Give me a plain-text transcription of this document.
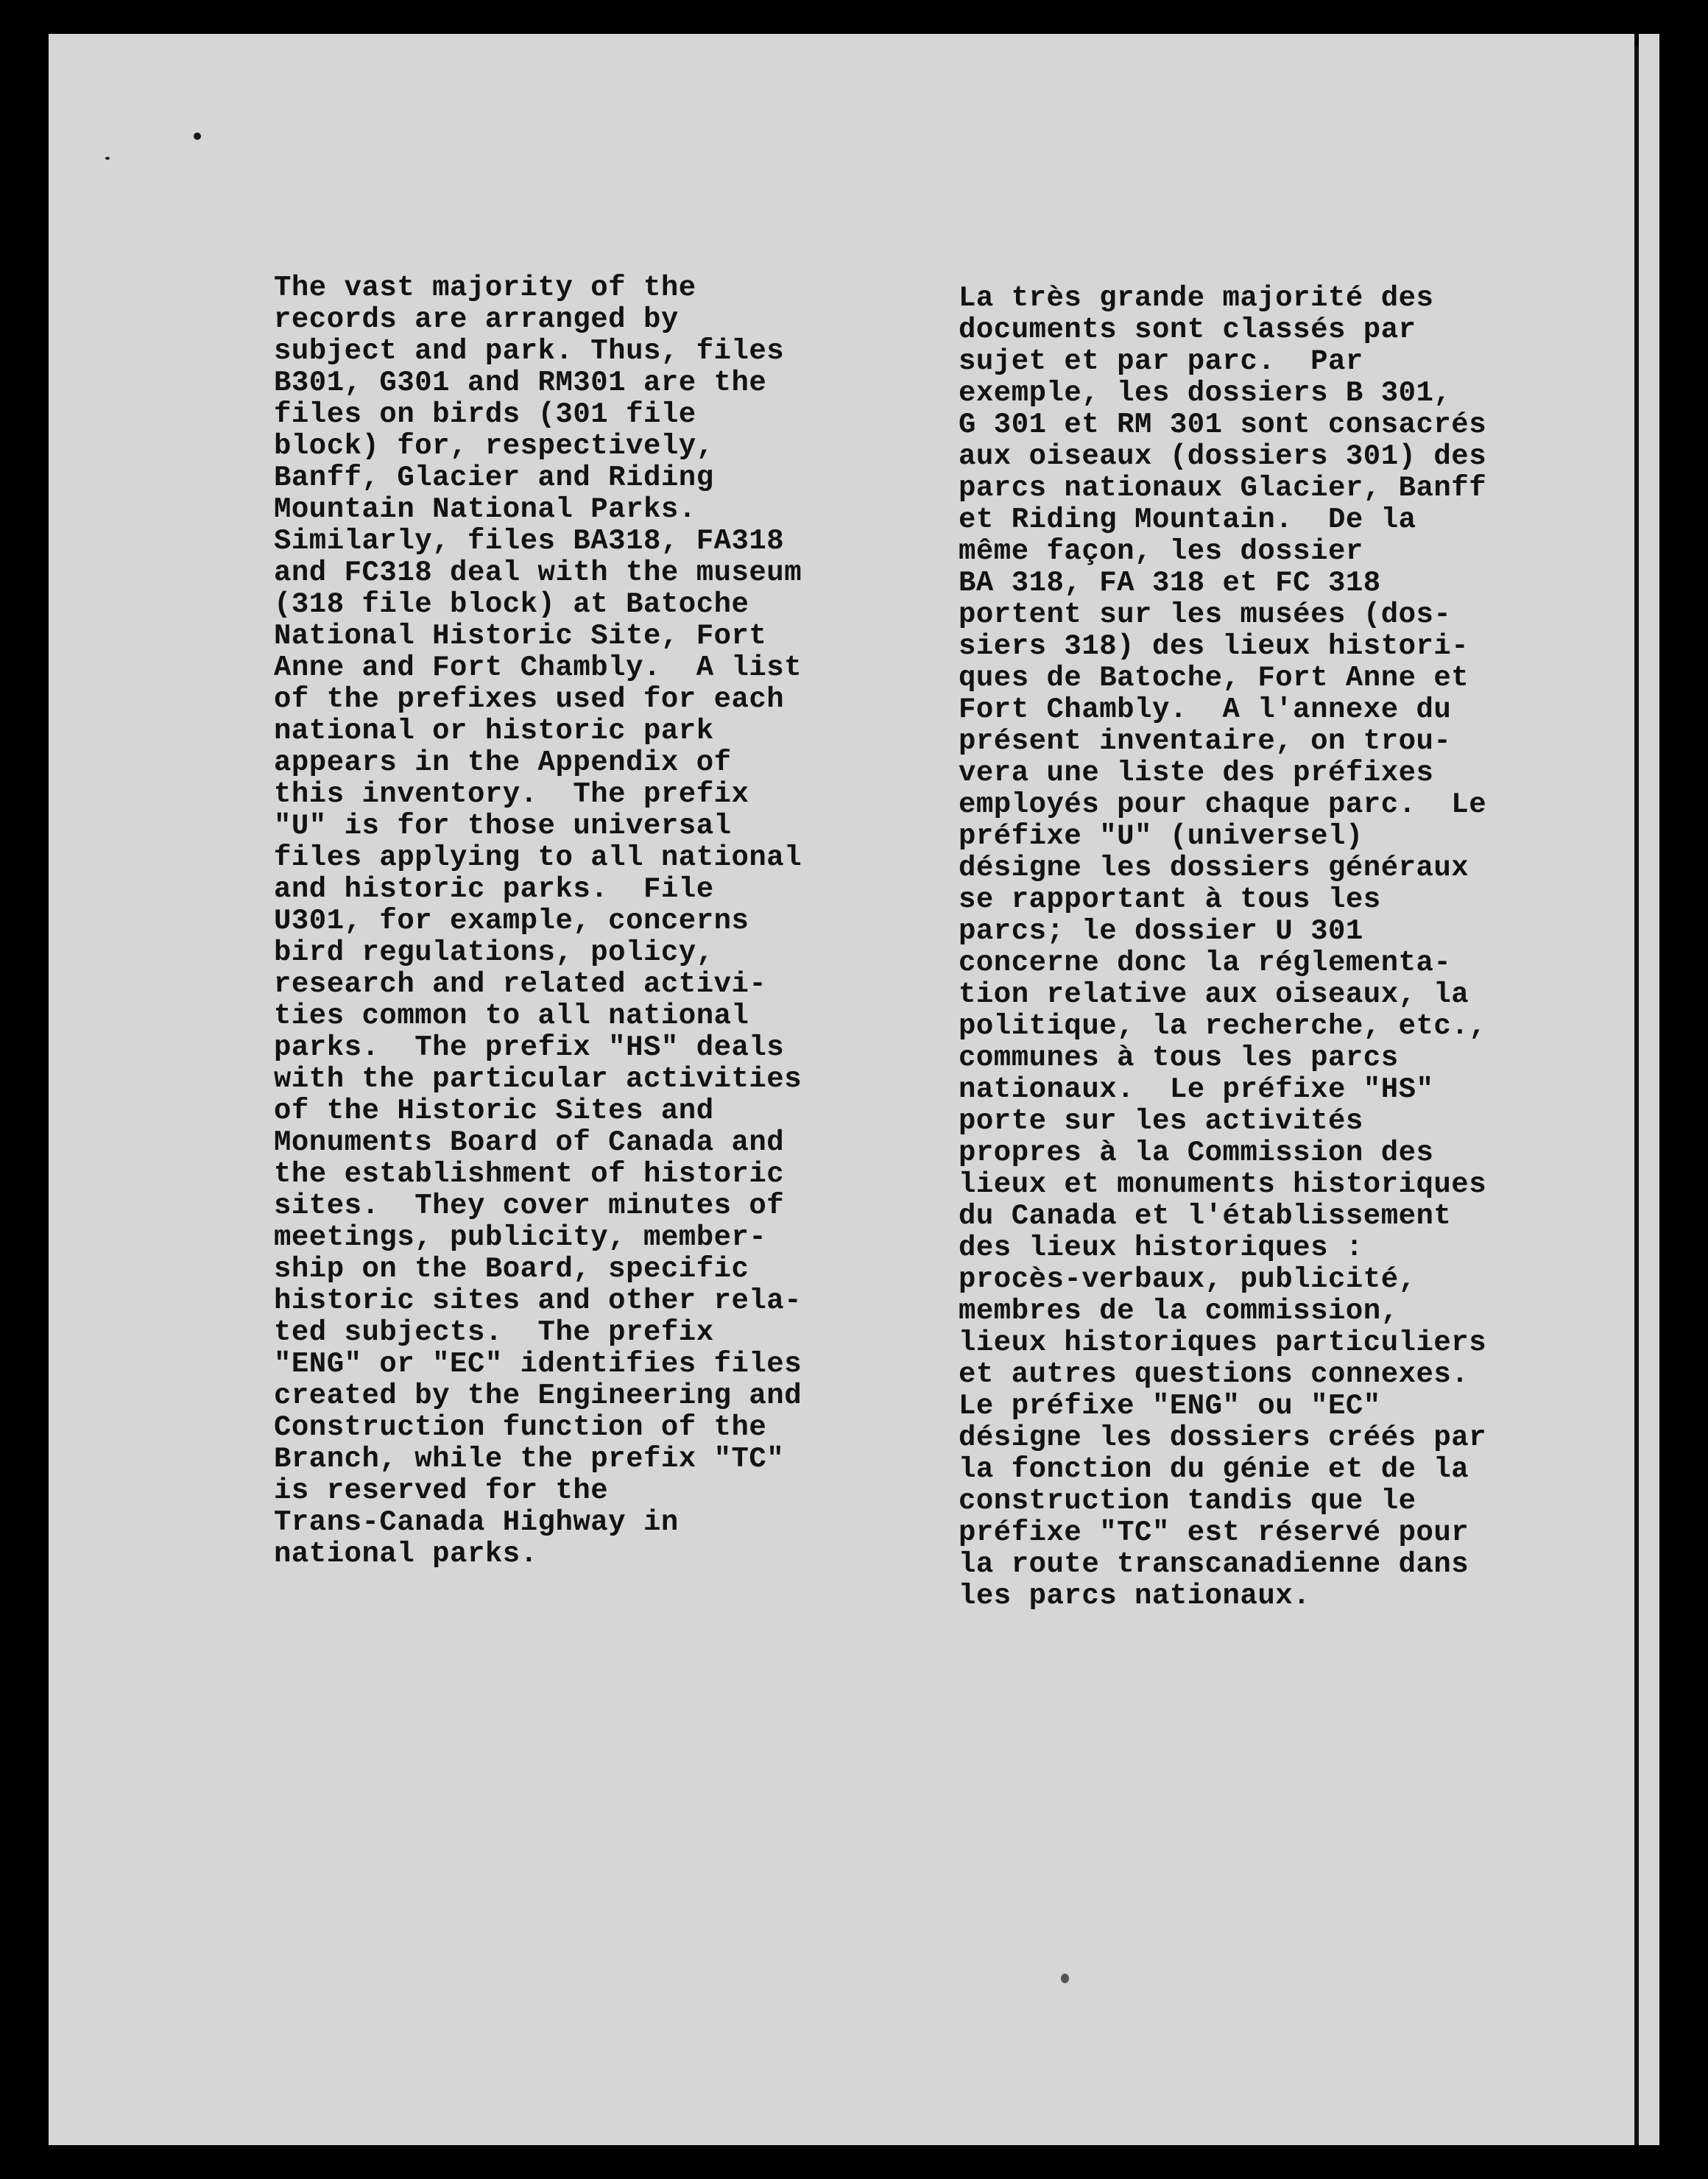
The vast majority of the
records are arranged by
subject and park. Thus, files
B301, G301 and RM301 are the
files on birds (301 file
block) for, respectively,
Banff, Glacier and Riding
Mountain National Parks.
Similarly, files BA318, FA318
and FC318 deal with the museum
(318 file block) at Batoche
National Historic Site, Fort
Anne and Fort Chambly.  A list
of the prefixes used for each
national or historic park
appears in the Appendix of
this inventory.  The prefix
"U" is for those universal
files applying to all national
and historic parks.  File
U301, for example, concerns
bird regulations, policy,
research and related activi-
ties common to all national
parks.  The prefix "HS" deals
with the particular activities
of the Historic Sites and
Monuments Board of Canada and
the establishment of historic
sites.  They cover minutes of
meetings, publicity, member-
ship on the Board, specific
historic sites and other rela-
ted subjects.  The prefix
"ENG" or "EC" identifies files
created by the Engineering and
Construction function of the
Branch, while the prefix "TC"
is reserved for the
Trans-Canada Highway in
national parks.
La très grande majorité des
documents sont classés par
sujet et par parc.  Par
exemple, les dossiers B 301,
G 301 et RM 301 sont consacrés
aux oiseaux (dossiers 301) des
parcs nationaux Glacier, Banff
et Riding Mountain.  De la
même façon, les dossier
BA 318, FA 318 et FC 318
portent sur les musées (dos-
siers 318) des lieux histori-
ques de Batoche, Fort Anne et
Fort Chambly.  A l'annexe du
présent inventaire, on trou-
vera une liste des préfixes
employés pour chaque parc.  Le
préfixe "U" (universel)
désigne les dossiers généraux
se rapportant à tous les
parcs; le dossier U 301
concerne donc la réglementa-
tion relative aux oiseaux, la
politique, la recherche, etc.,
communes à tous les parcs
nationaux.  Le préfixe "HS"
porte sur les activités
propres à la Commission des
lieux et monuments historiques
du Canada et l'établissement
des lieux historiques :
procès-verbaux, publicité,
membres de la commission,
lieux historiques particuliers
et autres questions connexes.
Le préfixe "ENG" ou "EC"
désigne les dossiers créés par
la fonction du génie et de la
construction tandis que le
préfixe "TC" est réservé pour
la route transcanadienne dans
les parcs nationaux.
